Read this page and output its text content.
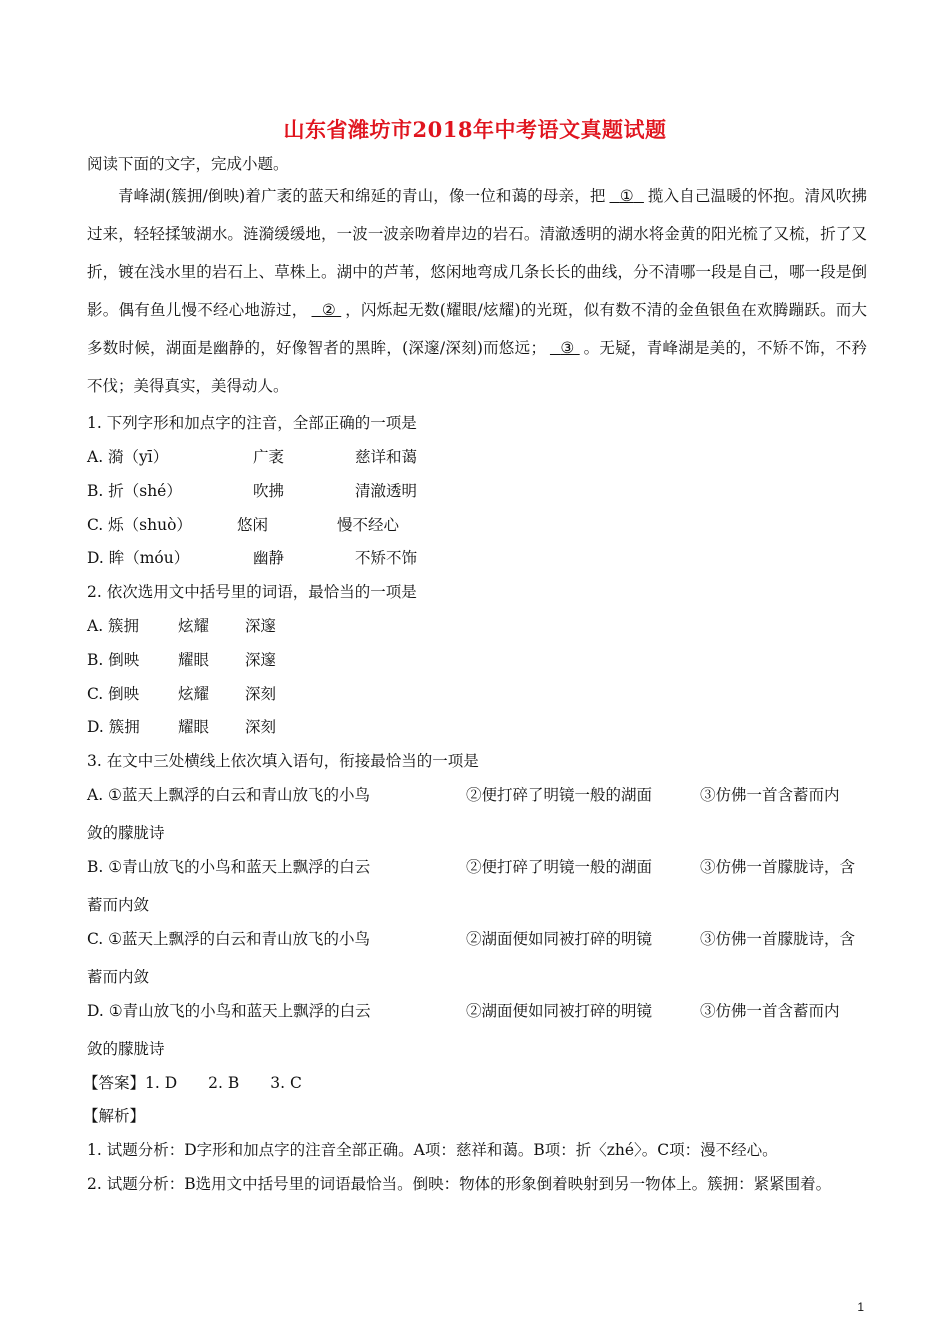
山东省潍坊市2018年中考语文真题试题
阅读下面的文字，完成小题。
青峰湖(簇拥/倒映)着广袤的蓝天和绵延的青山，像一位和蔼的母亲，把 ① 揽入自己温暖的怀抱。清风吹拂过来，轻轻揉皱湖水。涟漪缓缓地，一波一波亲吻着岸边的岩石。清澈透明的湖水将金黄的阳光梳了又梳，折了又折，镀在浅水里的岩石上、草株上。湖中的芦苇，悠闲地弯成几条长长的曲线，分不清哪一段是自己，哪一段是倒影。偶有鱼儿慢不经心地游过， ② ，闪烁起无数(耀眼/炫耀)的光斑，似有数不清的金鱼银鱼在欢腾蹦跃。而大多数时候，湖面是幽静的，好像智者的黑眸，(深邃/深刻)而悠远； ③ 。无疑，青峰湖是美的，不矫不饰，不矜不伐；美得真实，美得动人。
1. 下列字形和加点字的注音，全部正确的一项是
A. 漪（yī）	广袤	慈详和蔼
B. 折（shé）	吹拂	清澈透明
C. 烁（shuò）	悠闲	慢不经心
D. 眸（móu）	幽静	不矫不饰
2. 依次选用文中括号里的词语，最恰当的一项是
A. 簇拥	炫耀 深邃
B. 倒映	耀眼 深邃
C. 倒映	炫耀 深刻
D. 簇拥 耀眼 深刻
3. 在文中三处横线上依次填入语句，衔接最恰当的一项是
A. ①蓝天上飘浮的白云和青山放飞的小鸟	②便打碎了明镜一般的湖面	③仿佛一首含蓄而内
敛的朦胧诗
B. ①青山放飞的小鸟和蓝天上飘浮的白云	②便打碎了明镜一般的湖面	③仿佛一首朦胧诗，含
蓄而内敛
C. ①蓝天上飘浮的白云和青山放飞的小鸟	②湖面便如同被打碎的明镜	③仿佛一首朦胧诗，含
蓄而内敛
D. ①青山放飞的小鸟和蓝天上飘浮的白云	②湖面便如同被打碎的明镜	③仿佛一首含蓄而内
敛的朦胧诗
【答案】1. D　　2. B　　3. C
【解析】
1. 试题分析：D字形和加点字的注音全部正确。A项：慈祥和蔼。B项：折〈zhé〉。C项：漫不经心。
2. 试题分析：B选用文中括号里的词语最恰当。倒映：物体的形象倒着映射到另一物体上。簇拥：紧紧围着。
1
